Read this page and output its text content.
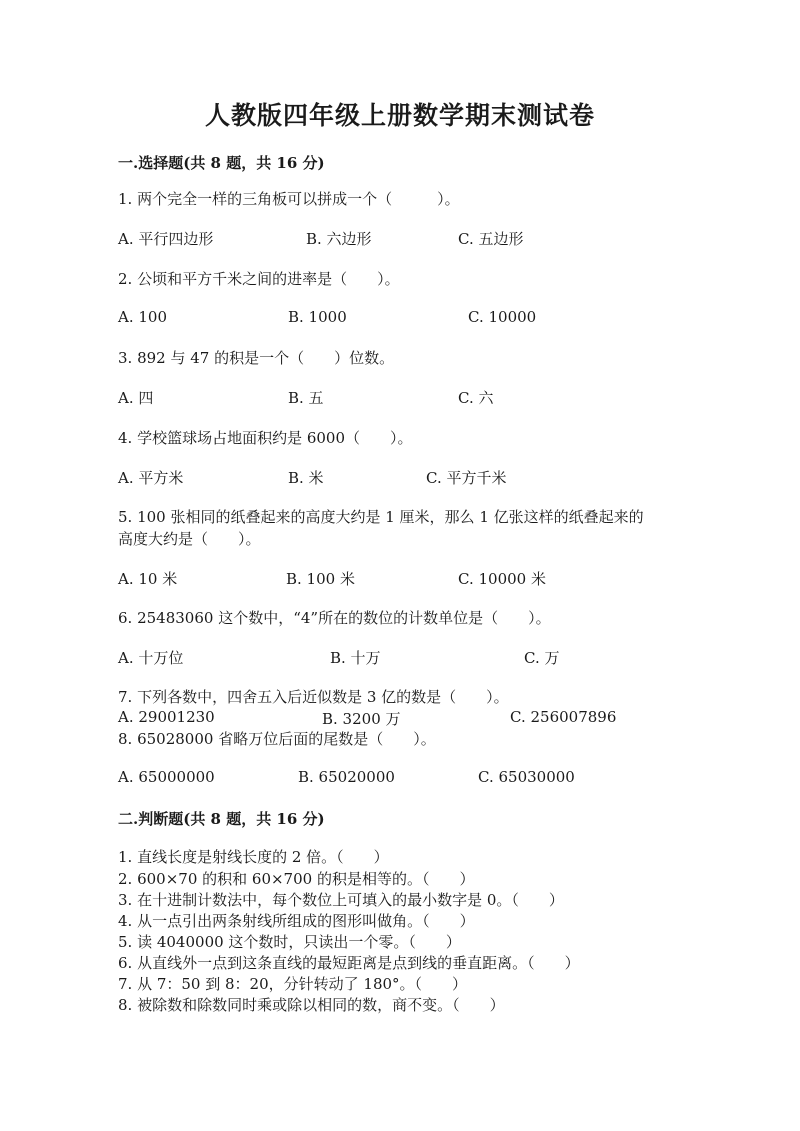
人教版四年级上册数学期末测试卷
一.选择题(共 8 题，共 16 分)
1. 两个完全一样的三角板可以拼成一个（　　　）。
A. 平行四边形	B. 六边形	C. 五边形
2. 公顷和平方千米之间的进率是（　　）。
A. 100	B. 1000	C. 10000
3. 892 与 47 的积是一个（　　）位数。
A. 四	B. 五	C. 六
4. 学校篮球场占地面积约是 6000（　　）。
A. 平方米	B. 米	C. 平方千米
5. 100 张相同的纸叠起来的高度大约是 1 厘米，那么 1 亿张这样的纸叠起来的
高度大约是（　　）。
A. 10 米	B. 100 米	C. 10000 米
6. 25483060 这个数中，“4”所在的数位的计数单位是（　　）。
A. 十万位	B. 十万	C. 万
7. 下列各数中，四舍五入后近似数是 3 亿的数是（　　）。
A. 29001230	B. 3200 万	C. 256007896
8. 65028000 省略万位后面的尾数是（　　）。
A. 65000000	B. 65020000	C. 65030000
二.判断题(共 8 题，共 16 分)
1. 直线长度是射线长度的 2 倍。（　　）
2. 600×70 的积和 60×700 的积是相等的。（　　）
3. 在十进制计数法中，每个数位上可填入的最小数字是 0。（　　）
4. 从一点引出两条射线所组成的图形叫做角。（　　）
5. 读 4040000 这个数时，只读出一个零。（　　）
6. 从直线外一点到这条直线的最短距离是点到线的垂直距离。（　　）
7. 从 7：50 到 8：20，分针转动了 180°。（　　）
8. 被除数和除数同时乘或除以相同的数，商不变。（　　）
